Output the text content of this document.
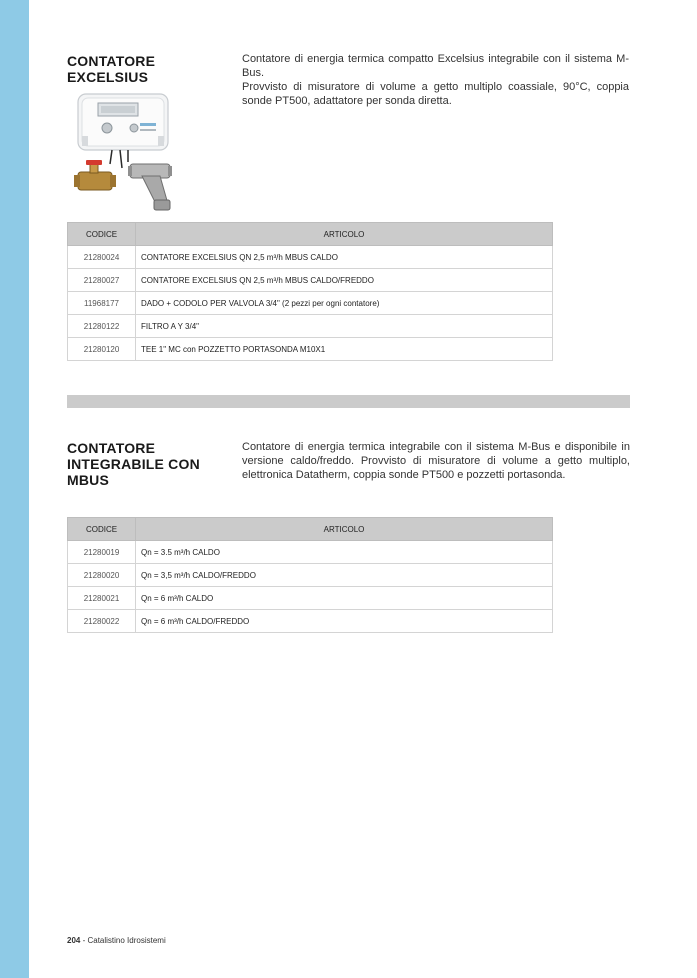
CONTATORE
EXCELSIUS

Contatore di energia termica compatto Excelsius integrabile con il sistema M-Bus.

Provvisto di misuratore di volume a getto multiplo coassiale, 90°C, coppia sonde PT500, adattatore per sonda diretta.

CODICE	ARTICOLO
21280024	CONTATORE EXCELSIUS QN 2,5 m³/h MBUS CALDO
21280027	CONTATORE EXCELSIUS QN 2,5 m³/h MBUS CALDO/FREDDO
11968177	DADO + CODOLO PER VALVOLA 3/4" (2 pezzi per ogni contatore)
21280122	FILTRO A Y 3/4"
21280120	TEE 1" MC con POZZETTO PORTASONDA M10X1
CONTATORE
INTEGRABILE CON
MBUS

Contatore di energia termica integrabile con il sistema M-Bus e disponibile in versione caldo/freddo. Provvisto di misuratore di volume a getto multiplo, elettronica Datatherm, coppia sonde PT500 e pozzetti portasonda.

CODICE	ARTICOLO
21280019	Qn = 3.5 m³/h CALDO
21280020	Qn = 3,5 m³/h CALDO/FREDDO
21280021	Qn = 6 m³/h CALDO
21280022	Qn = 6 m³/h CALDO/FREDDO
204 - Catalistino Idrosistemi
